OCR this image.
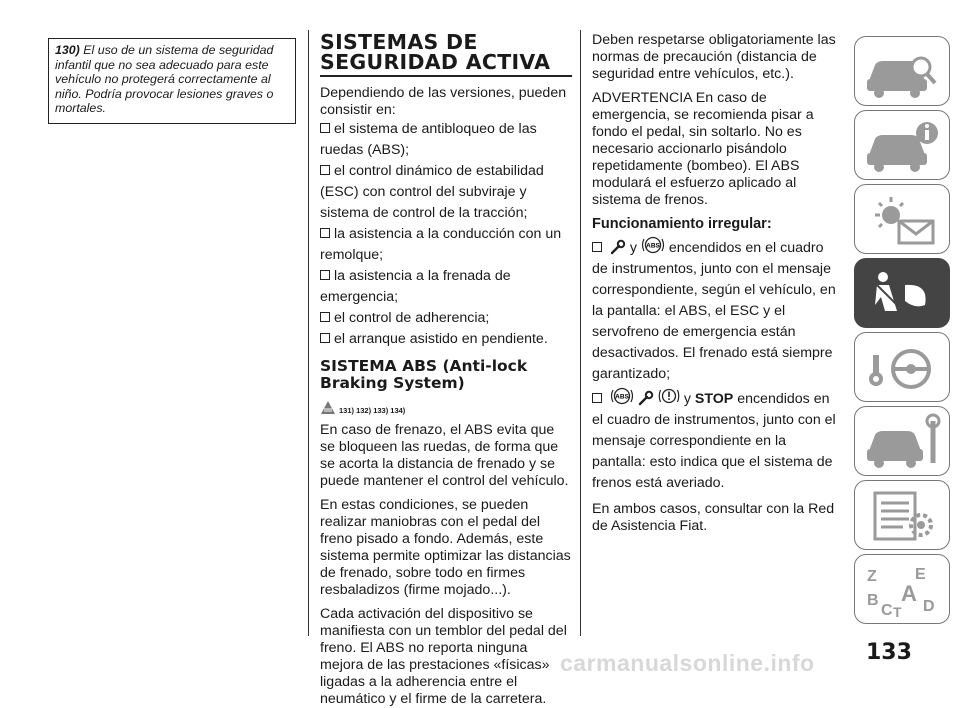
130) El uso de un sistema de seguridad infantil que no sea adecuado para este vehículo no protegerá correctamente al niño. Podría provocar lesiones graves o mortales.
SISTEMAS DE
SEGURIDAD ACTIVA

Dependiendo de las versiones, pueden consistir en:

el sistema de antibloqueo de las ruedas (ABS);
el control dinámico de estabilidad (ESC) con control del subviraje y sistema de control de la tracción;
la asistencia a la conducción con un remolque;
la asistencia a la frenada de emergencia;
el control de adherencia;
el arranque asistido en pendiente.
SISTEMA ABS (Anti-lock
Braking System)
131) 132) 133) 134)

En caso de frenazo, el ABS evita que se bloqueen las ruedas, de forma que se acorta la distancia de frenado y se puede mantener el control del vehículo.

En estas condiciones, se pueden realizar maniobras con el pedal del freno pisado a fondo. Además, este sistema permite optimizar las distancias de frenado, sobre todo en firmes resbaladizos (firme mojado...).

Cada activación del dispositivo se manifiesta con un temblor del pedal del freno. El ABS no reporta ninguna mejora de las prestaciones «físicas» ligadas a la adherencia entre el neumático y el firme de la carretera.

Deben respetarse obligatoriamente las normas de precaución (distancia de seguridad entre vehículos, etc.).

ADVERTENCIA En caso de emergencia, se recomienda pisar a fondo el pedal, sin soltarlo. No es necesario accionarlo pisándolo repetidamente (bombeo). El ABS modulará el esfuerzo aplicado al sistema de frenos.

Funcionamiento irregular:
y ABS encendidos en el cuadro de instrumentos, junto con el mensaje correspondiente, según el vehículo, en la pantalla: el ABS, el ESC y el servofreno de emergencia están desactivados. El frenado está siempre garantizado;

ABS	y STOP encendidos en el cuadro de instrumentos, junto con el mensaje correspondiente en la pantalla: esto indica que el sistema de frenos está averiado.

En ambos casos, consultar con la Red de Asistencia Fiat.

Z E
B A
C T D
133
carmanualsonline.info
